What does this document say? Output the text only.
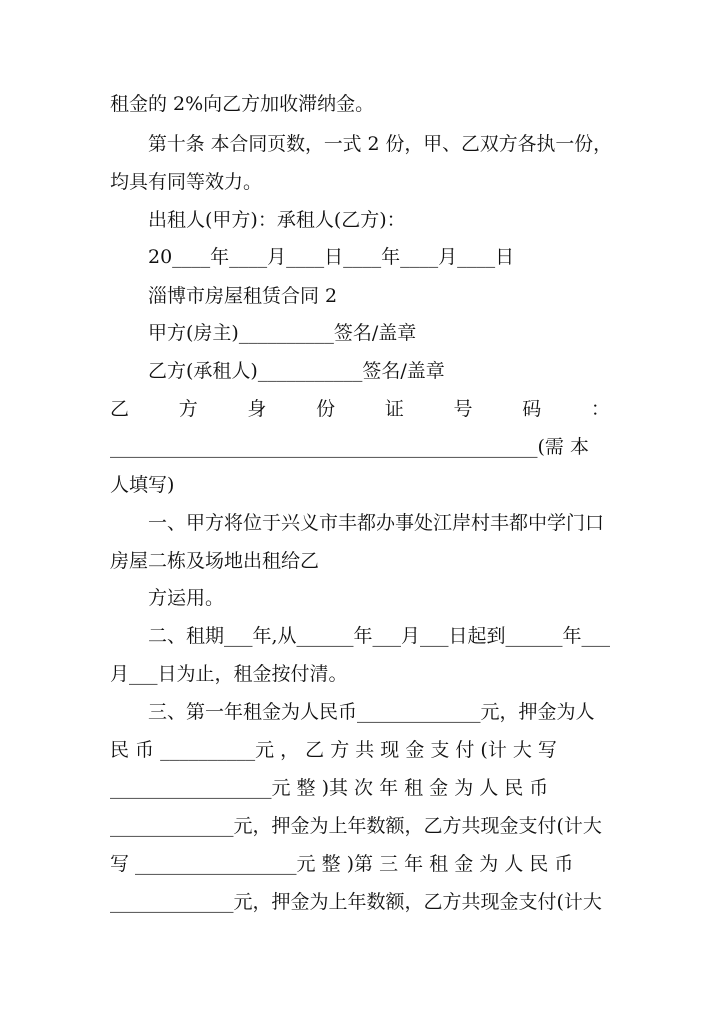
租金的 2%向乙方加收滞纳金。
第十条 本合同页数，一式 2 份，甲、乙双方各执一份，
均具有同等效力。
出租人(甲方)：承租人(乙方)：
20____年____月____日____年____月____日
淄博市房屋租赁合同 2
甲方(房主)__________签名/盖章
乙方(承租人)___________签名/盖章
乙	方	身	份	证	号	码	：
_____________________________________________(需 本
人填写)
一、甲方将位于兴义市丰都办事处江岸村丰都中学门口
房屋二栋及场地出租给乙
方运用。
二、租期___年,从______年___月___日起到______年___
月___日为止，租金按付清。
三、第一年租金为人民币_____________元，押金为人
民 币 __________元 ， 乙 方 共 现 金 支 付 (计 大 写
_________________元 整 )其 次 年 租 金 为 人 民 币
_____________元，押金为上年数额，乙方共现金支付(计大
写 _________________元 整 )第 三 年 租 金 为 人 民 币
_____________元，押金为上年数额，乙方共现金支付(计大
